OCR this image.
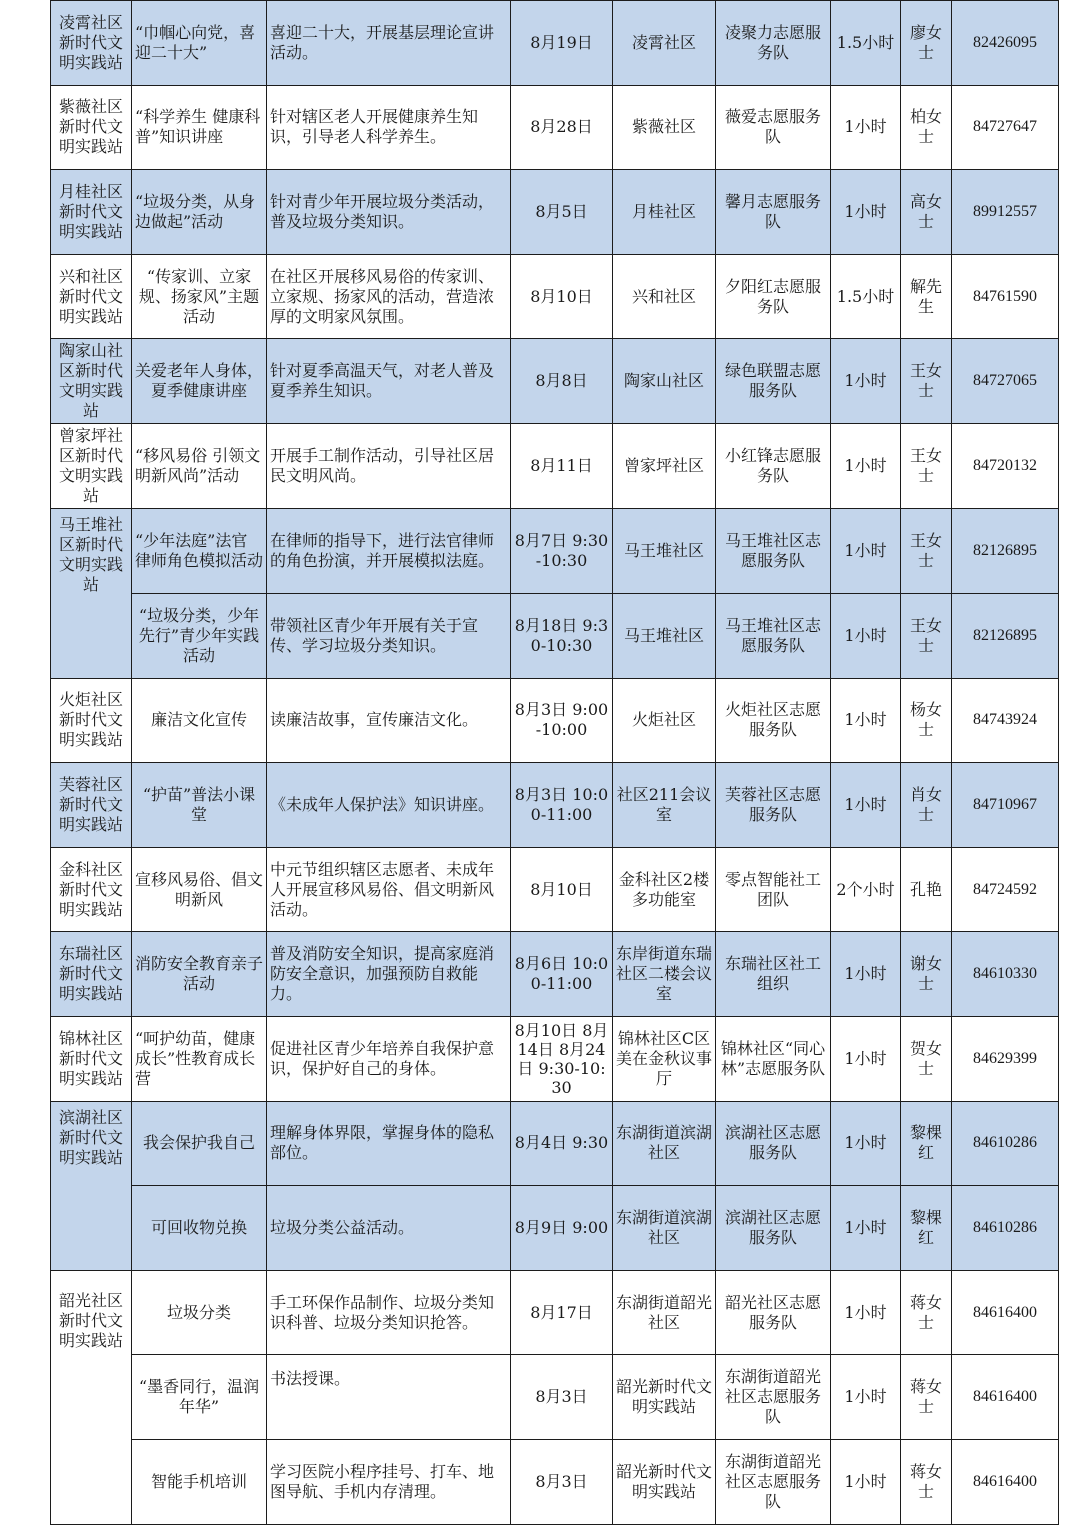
凌霄社区新时代文明实践站	“巾帼心向党，喜迎二十大”	喜迎二十大，开展基层理论宣讲活动。	8月19日	凌霄社区	凌聚力志愿服务队	1.5小时	廖女士	82426095
紫薇社区新时代文明实践站	“科学养生 健康科普”知识讲座	针对辖区老人开展健康养生知识，引导老人科学养生。	8月28日	紫薇社区	薇爱志愿服务队	1小时	柏女士	84727647
月桂社区新时代文明实践站	“垃圾分类，从身边做起”活动	针对青少年开展垃圾分类活动，普及垃圾分类知识。	8月5日	月桂社区	馨月志愿服务队	1小时	高女士	89912557
兴和社区新时代文明实践站	“传家训、立家规、扬家风”主题活动	在社区开展移风易俗的传家训、立家规、扬家风的活动，营造浓厚的文明家风氛围。	8月10日	兴和社区	夕阳红志愿服务队	1.5小时	解先生	84761590
陶家山社区新时代文明实践站	关爱老年人身体，夏季健康讲座	针对夏季高温天气，对老人普及夏季养生知识。	8月8日	陶家山社区	绿色联盟志愿服务队	1小时	王女士	84727065
曾家坪社区新时代文明实践站	“移风易俗 引领文明新风尚”活动	开展手工制作活动，引导社区居民文明风尚。	8月11日	曾家坪社区	小红锋志愿服务队	1小时	王女士	84720132
马王堆社区新时代文明实践站	“少年法庭”法官律师角色模拟活动	在律师的指导下，进行法官律师的角色扮演，并开展模拟法庭。	8月7日 9:30-10:30	马王堆社区	马王堆社区志愿服务队	1小时	王女士	82126895
	“垃圾分类，少年先行”青少年实践活动	带领社区青少年开展有关于宣传、学习垃圾分类知识。	8月18日 9:30-10:30	马王堆社区	马王堆社区志愿服务队	1小时	王女士	82126895
火炬社区新时代文明实践站	廉洁文化宣传	读廉洁故事，宣传廉洁文化。	8月3日 9:00-10:00	火炬社区	火炬社区志愿服务队	1小时	杨女士	84743924
芙蓉社区新时代文明实践站	“护苗”普法小课堂	《未成年人保护法》知识讲座。	8月3日 10:00-11:00	社区211会议室	芙蓉社区志愿服务队	1小时	肖女士	84710967
金科社区新时代文明实践站	宣移风易俗、倡文明新风	中元节组织辖区志愿者、未成年人开展宣移风易俗、倡文明新风活动。	8月10日	金科社区2楼多功能室	零点智能社工团队	2个小时	孔艳	84724592
东瑞社区新时代文明实践站	消防安全教育亲子活动	普及消防安全知识，提高家庭消防安全意识，加强预防自救能力。	8月6日 10:00-11:00	东岸街道东瑞社区二楼会议室	东瑞社区社工组织	1小时	谢女士	84610330
锦林社区新时代文明实践站	“呵护幼苗，健康成长”性教育成长营	促进社区青少年培养自我保护意识，保护好自己的身体。	8月10日 8月14日 8月24日 9:30-10:30	锦林社区C区美在金秋议事厅	锦林社区“同心林”志愿服务队	1小时	贺女士	84629399
滨湖社区新时代文明实践站	我会保护我自己	理解身体界限，掌握身体的隐私部位。	8月4日 9:30	东湖街道滨湖社区	滨湖社区志愿服务队	1小时	黎棵红	84610286
	可回收物兑换	垃圾分类公益活动。	8月9日 9:00	东湖街道滨湖社区	滨湖社区志愿服务队	1小时	黎棵红	84610286
韶光社区新时代文明实践站	垃圾分类	手工环保作品制作、垃圾分类知识科普、垃圾分类知识抢答。	8月17日	东湖街道韶光社区	韶光社区志愿服务队	1小时	蒋女士	84616400
	“墨香同行，温润年华”	书法授课。	8月3日	韶光新时代文明实践站	东湖街道韶光社区志愿服务队	1小时	蒋女士	84616400
	智能手机培训	学习医院小程序挂号、打车、地图导航、手机内存清理。	8月3日	韶光新时代文明实践站	东湖街道韶光社区志愿服务队	1小时	蒋女士	84616400
